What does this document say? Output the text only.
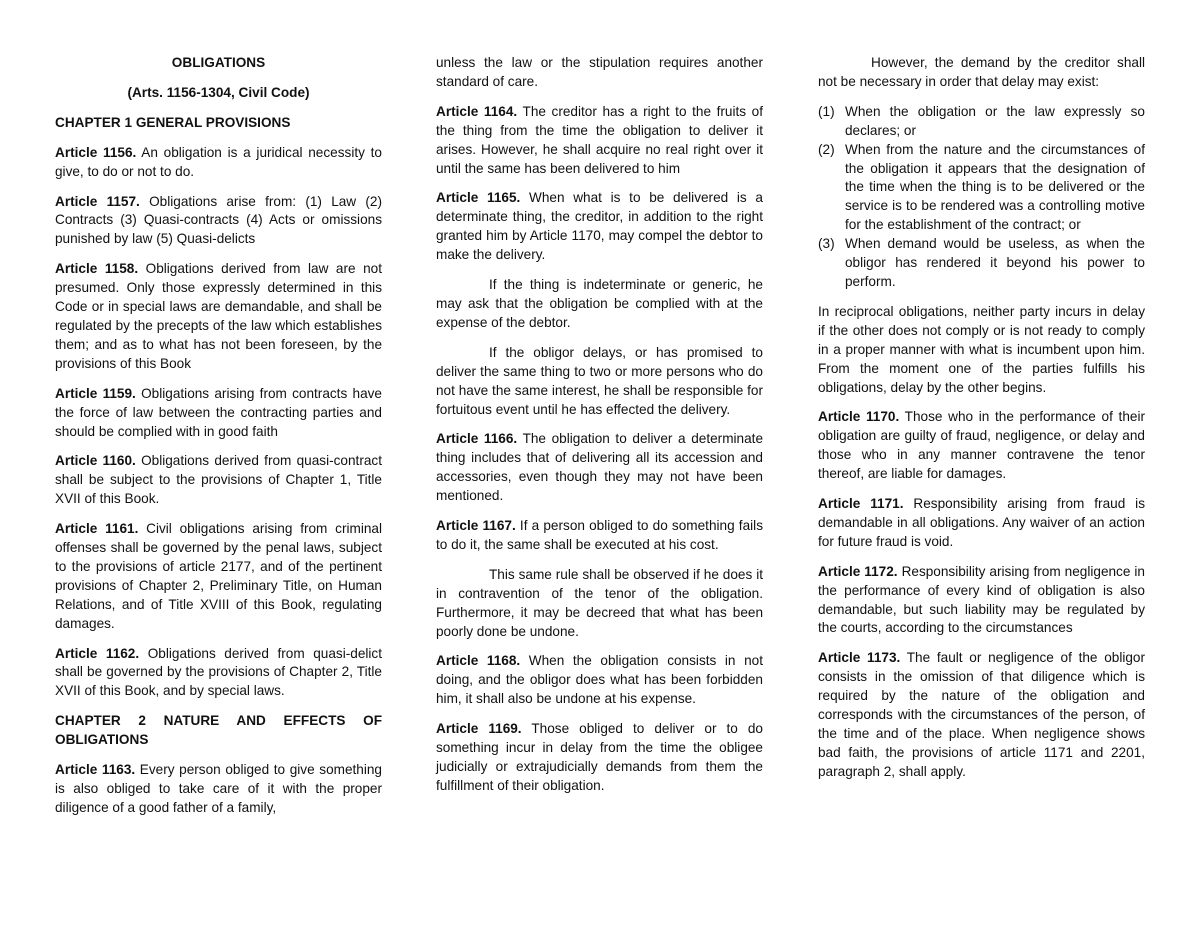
OBLIGATIONS

(Arts. 1156-1304, Civil Code)

CHAPTER 1 GENERAL PROVISIONS

Article 1156. An obligation is a juridical necessity to give, to do or not to do.

Article 1157. Obligations arise from: (1) Law (2) Contracts (3) Quasi-contracts (4) Acts or omissions punished by law (5) Quasi-delicts

Article 1158. Obligations derived from law are not presumed. Only those expressly determined in this Code or in special laws are demandable, and shall be regulated by the precepts of the law which establishes them; and as to what has not been foreseen, by the provisions of this Book

Article 1159. Obligations arising from contracts have the force of law between the contracting parties and should be complied with in good faith

Article 1160. Obligations derived from quasi-contract shall be subject to the provisions of Chapter 1, Title XVII of this Book.

Article 1161. Civil obligations arising from criminal offenses shall be governed by the penal laws, subject to the provisions of article 2177, and of the pertinent provisions of Chapter 2, Preliminary Title, on Human Relations, and of Title XVIII of this Book, regulating damages.

Article 1162. Obligations derived from quasi-delict shall be governed by the provisions of Chapter 2, Title XVII of this Book, and by special laws.

CHAPTER 2 NATURE AND EFFECTS OF OBLIGATIONS

Article 1163. Every person obliged to give something is also obliged to take care of it with the proper diligence of a good father of a family,

unless the law or the stipulation requires another standard of care.

Article 1164. The creditor has a right to the fruits of the thing from the time the obligation to deliver it arises. However, he shall acquire no real right over it until the same has been delivered to him

Article 1165. When what is to be delivered is a determinate thing, the creditor, in addition to the right granted him by Article 1170, may compel the debtor to make the delivery.

If the thing is indeterminate or generic, he may ask that the obligation be complied with at the expense of the debtor.

If the obligor delays, or has promised to deliver the same thing to two or more persons who do not have the same interest, he shall be responsible for fortuitous event until he has effected the delivery.

Article 1166. The obligation to deliver a determinate thing includes that of delivering all its accession and accessories, even though they may not have been mentioned.

Article 1167. If a person obliged to do something fails to do it, the same shall be executed at his cost.

This same rule shall be observed if he does it in contravention of the tenor of the obligation. Furthermore, it may be decreed that what has been poorly done be undone.

Article 1168. When the obligation consists in not doing, and the obligor does what has been forbidden him, it shall also be undone at his expense.

Article 1169. Those obliged to deliver or to do something incur in delay from the time the obligee judicially or extrajudicially demands from them the fulfillment of their obligation.

However, the demand by the creditor shall not be necessary in order that delay may exist:

(1) When the obligation or the law expressly so declares; or
(2) When from the nature and the circumstances of the obligation it appears that the designation of the time when the thing is to be delivered or the service is to be rendered was a controlling motive for the establishment of the contract; or
(3) When demand would be useless, as when the obligor has rendered it beyond his power to perform.

In reciprocal obligations, neither party incurs in delay if the other does not comply or is not ready to comply in a proper manner with what is incumbent upon him. From the moment one of the parties fulfills his obligations, delay by the other begins.

Article 1170. Those who in the performance of their obligation are guilty of fraud, negligence, or delay and those who in any manner contravene the tenor thereof, are liable for damages.

Article 1171. Responsibility arising from fraud is demandable in all obligations. Any waiver of an action for future fraud is void.

Article 1172. Responsibility arising from negligence in the performance of every kind of obligation is also demandable, but such liability may be regulated by the courts, according to the circumstances

Article 1173. The fault or negligence of the obligor consists in the omission of that diligence which is required by the nature of the obligation and corresponds with the circumstances of the person, of the time and of the place. When negligence shows bad faith, the provisions of article 1171 and 2201, paragraph 2, shall apply.
